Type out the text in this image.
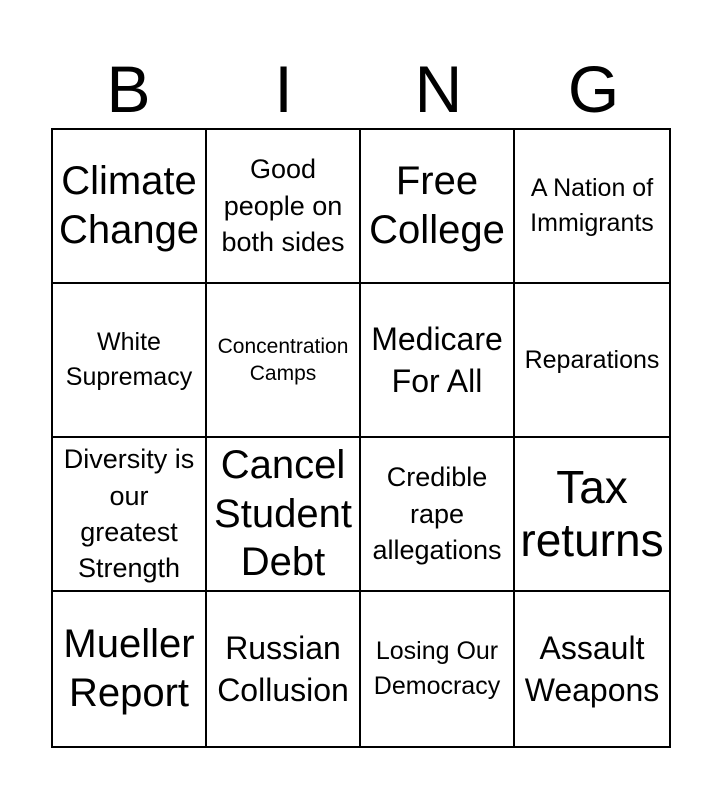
B	I	N	G
Climate Change
Good people on both sides
Free College
A Nation of Immigrants
White Supremacy
Concentration Camps
Medicare For All
Reparations
Diversity is our greatest Strength
Cancel Student Debt
Credible rape allegations
Tax returns
Mueller Report
Russian Collusion
Losing Our Democracy
Assault Weapons
